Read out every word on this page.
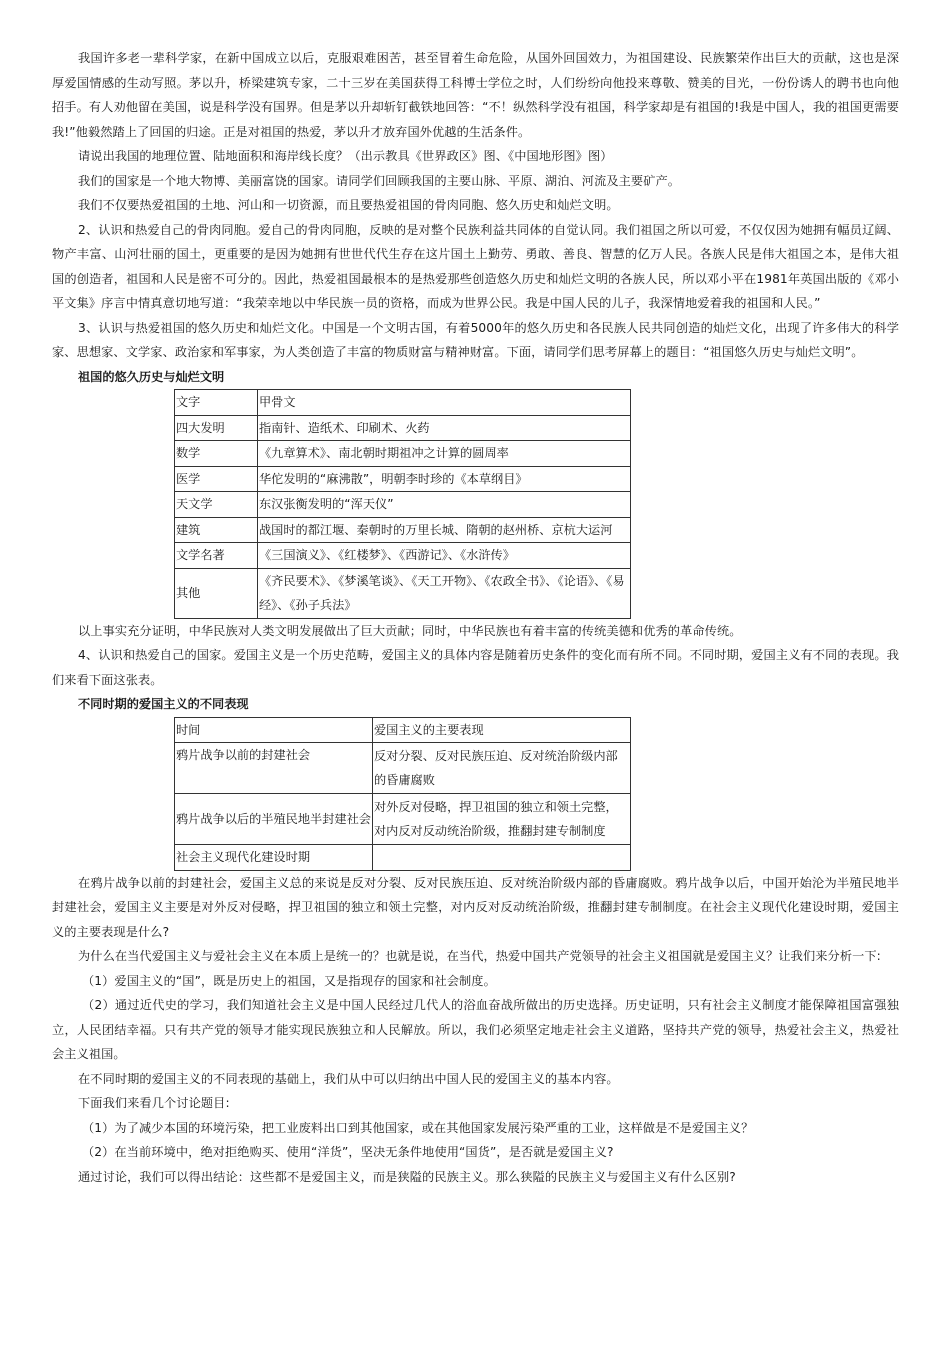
我国许多老一辈科学家，在新中国成立以后，克服艰难困苦，甚至冒着生命危险，从国外回国效力，为祖国建设、民族繁荣作出巨大的贡献，这也是深厚爱国情感的生动写照。茅以升，桥梁建筑专家，二十三岁在美国获得工科博士学位之时，人们纷纷向他投来尊敬、赞美的目光，一份份诱人的聘书也向他招手。有人劝他留在美国，说是科学没有国界。但是茅以升却斩钉截铁地回答：“不！纵然科学没有祖国，科学家却是有祖国的!我是中国人，我的祖国更需要我!”他毅然踏上了回国的归途。正是对祖国的热爱，茅以升才放弃国外优越的生活条件。

请说出我国的地理位置、陆地面积和海岸线长度？（出示教具《世界政区》图、《中国地形图》图）

我们的国家是一个地大物博、美丽富饶的国家。请同学们回顾我国的主要山脉、平原、湖泊、河流及主要矿产。

我们不仅要热爱祖国的土地、河山和一切资源，而且要热爱祖国的骨肉同胞、悠久历史和灿烂文明。

2、认识和热爱自己的骨肉同胞。爱自己的骨肉同胞，反映的是对整个民族利益共同体的自觉认同。我们祖国之所以可爱，不仅仅因为她拥有幅员辽阔、物产丰富、山河壮丽的国土，更重要的是因为她拥有世世代代生存在这片国土上勤劳、勇敢、善良、智慧的亿万人民。各族人民是伟大祖国之本，是伟大祖国的创造者，祖国和人民是密不可分的。因此，热爱祖国最根本的是热爱那些创造悠久历史和灿烂文明的各族人民，所以邓小平在1981年英国出版的《邓小平文集》序言中情真意切地写道：“我荣幸地以中华民族一员的资格，而成为世界公民。我是中国人民的儿子，我深情地爱着我的祖国和人民。”

3、认识与热爱祖国的悠久历史和灿烂文化。中国是一个文明古国，有着5000年的悠久历史和各民族人民共同创造的灿烂文化，出现了许多伟大的科学家、思想家、文学家、政治家和军事家，为人类创造了丰富的物质财富与精神财富。下面，请同学们思考屏幕上的题目：“祖国悠久历史与灿烂文明”。

祖国的悠久历史与灿烂文明

文字	甲骨文
四大发明	指南针、造纸术、印刷术、火药
数学	《九章算术》、南北朝时期祖冲之计算的圆周率
医学	华佗发明的“麻沸散”，明朝李时珍的《本草纲目》
天文学	东汉张衡发明的“浑天仪”
建筑	战国时的都江堰、秦朝时的万里长城、隋朝的赵州桥、京杭大运河
文学名著	《三国演义》、《红楼梦》、《西游记》、《水浒传》
其他	《齐民要术》、《梦溪笔谈》、《天工开物》、《农政全书》、《论语》、《易经》、《孙子兵法》

以上事实充分证明，中华民族对人类文明发展做出了巨大贡献；同时，中华民族也有着丰富的传统美德和优秀的革命传统。

4、认识和热爱自己的国家。爱国主义是一个历史范畴，爱国主义的具体内容是随着历史条件的变化而有所不同。不同时期，爱国主义有不同的表现。我们来看下面这张表。

不同时期的爱国主义的不同表现

时间	爱国主义的主要表现
鸦片战争以前的封建社会	反对分裂、反对民族压迫、反对统治阶级内部的昏庸腐败
鸦片战争以后的半殖民地半封建社会	对外反对侵略，捍卫祖国的独立和领土完整，对内反对反动统治阶级，推翻封建专制制度
社会主义现代化建设时期	

在鸦片战争以前的封建社会，爱国主义总的来说是反对分裂、反对民族压迫、反对统治阶级内部的昏庸腐败。鸦片战争以后，中国开始沦为半殖民地半封建社会，爱国主义主要是对外反对侵略，捍卫祖国的独立和领土完整，对内反对反动统治阶级，推翻封建专制制度。在社会主义现代化建设时期，爱国主义的主要表现是什么?

为什么在当代爱国主义与爱社会主义在本质上是统一的？也就是说，在当代，热爱中国共产党领导的社会主义祖国就是爱国主义？让我们来分析一下:

（1）爱国主义的“国”，既是历史上的祖国，又是指现存的国家和社会制度。

（2）通过近代史的学习，我们知道社会主义是中国人民经过几代人的浴血奋战所做出的历史选择。历史证明，只有社会主义制度才能保障祖国富强独立，人民团结幸福。只有共产党的领导才能实现民族独立和人民解放。所以，我们必须坚定地走社会主义道路，坚持共产党的领导，热爱社会主义，热爱社会主义祖国。

在不同时期的爱国主义的不同表现的基础上，我们从中可以归纳出中国人民的爱国主义的基本内容。

下面我们来看几个讨论题目:

（1）为了减少本国的环境污染，把工业废料出口到其他国家，或在其他国家发展污染严重的工业，这样做是不是爱国主义？

（2）在当前环境中，绝对拒绝购买、使用“洋货”，坚决无条件地使用“国货”，是否就是爱国主义?

通过讨论，我们可以得出结论：这些都不是爱国主义，而是狭隘的民族主义。那么狭隘的民族主义与爱国主义有什么区别?
